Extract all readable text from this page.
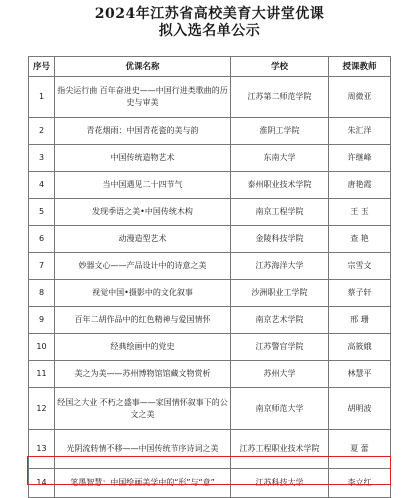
2024年江苏省高校美育大讲堂优课
拟入选名单公示
序号	优课名称	学校	授课教师
1	指尖运行曲 百年奋进史——中国行进类歌曲的历史与审美	江苏第二师范学院	周微亚
2	青花烟雨：中国青花瓷的美与韵	淮阴工学院	朱汇洋
3	中国传统造物艺术	东南大学	许继峰
4	当中国遇见二十四节气	泰州职业技术学院	唐艳霞
5	发现季语之美•中国传统木构	南京工程学院	王 玉
6	动漫造型艺术	金陵科技学院	查 艳
7	妙器文心——产品设计中的诗意之美	江苏海洋大学	宗雪文
8	视觉中国•摄影中的文化叙事	沙洲职业工学院	蔡子轩
9	百年二胡作品中的红色精神与爱国情怀	南京艺术学院	邢 珊
10	经典绘画中的党史	江苏警官学院	高筱娥
11	美之为美——苏州博物馆馆藏文物赏析	苏州大学	林慧平
12	经国之大业 不朽之盛事——家国情怀叙事下的公文之美	南京师范大学	胡明波
13	光阴流转情不移——中国传统节序诗词之美	江苏工程职业技术学院	夏 蕾
14	笔墨智慧：中国绘画美学中的“形”与“意”	江苏科技大学	李立红
